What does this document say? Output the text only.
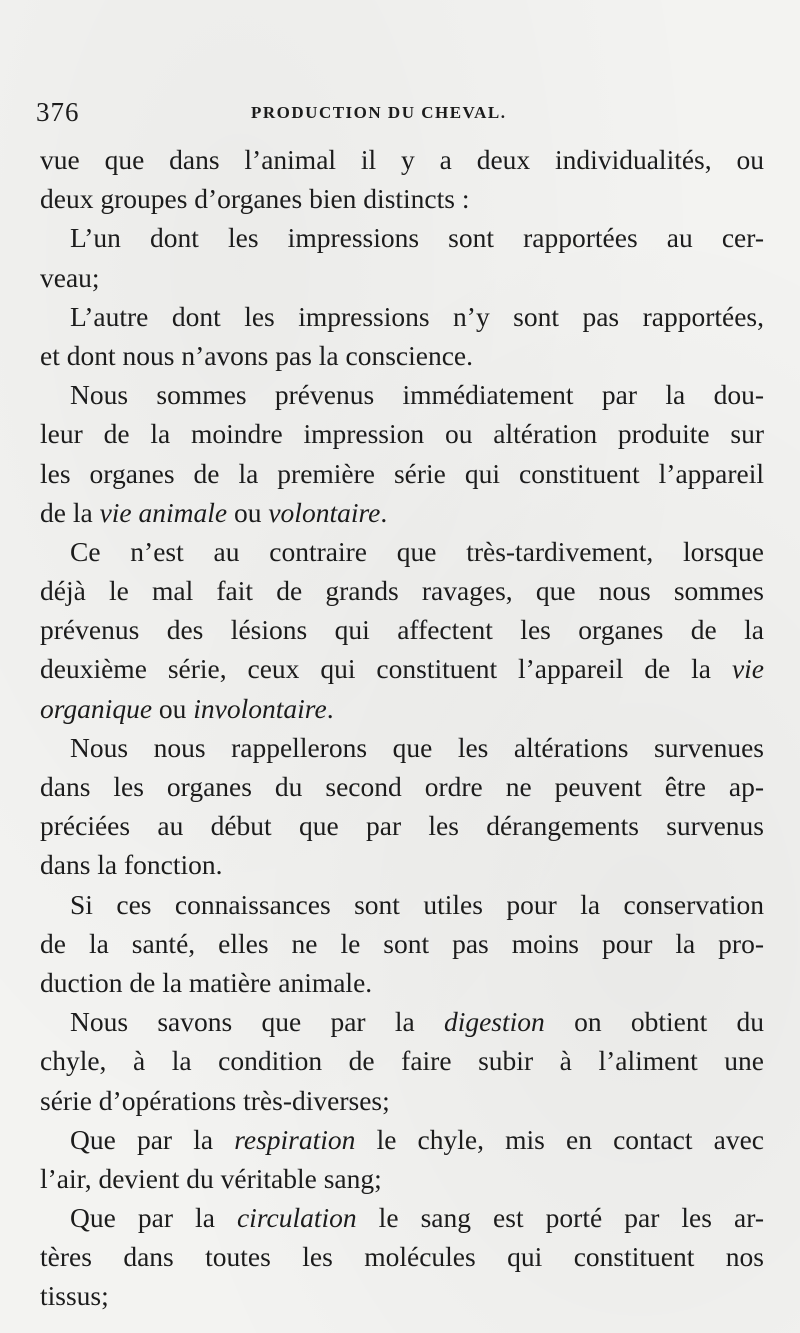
376	PRODUCTION DU CHEVAL.
vue que dans l’animal il y a deux individualités, ou
deux groupes d’organes bien distincts :
L’un dont les impressions sont rapportées au cer-
veau;
L’autre dont les impressions n’y sont pas rapportées,
et dont nous n’avons pas la conscience.
Nous sommes prévenus immédiatement par la dou-
leur de la moindre impression ou altération produite sur
les organes de la première série qui constituent l’appareil
de la vie animale ou volontaire.
Ce n’est au contraire que très-tardivement, lorsque
déjà le mal fait de grands ravages, que nous sommes
prévenus des lésions qui affectent les organes de la
deuxième série, ceux qui constituent l’appareil de la vie
organique ou involontaire.
Nous nous rappellerons que les altérations survenues
dans les organes du second ordre ne peuvent être ap-
préciées au début que par les dérangements survenus
dans la fonction.
Si ces connaissances sont utiles pour la conservation
de la santé, elles ne le sont pas moins pour la pro-
duction de la matière animale.
Nous savons que par la digestion on obtient du
chyle, à la condition de faire subir à l’aliment une
série d’opérations très-diverses;
Que par la respiration le chyle, mis en contact avec
l’air, devient du véritable sang;
Que par la circulation le sang est porté par les ar-
tères dans toutes les molécules qui constituent nos
tissus;
